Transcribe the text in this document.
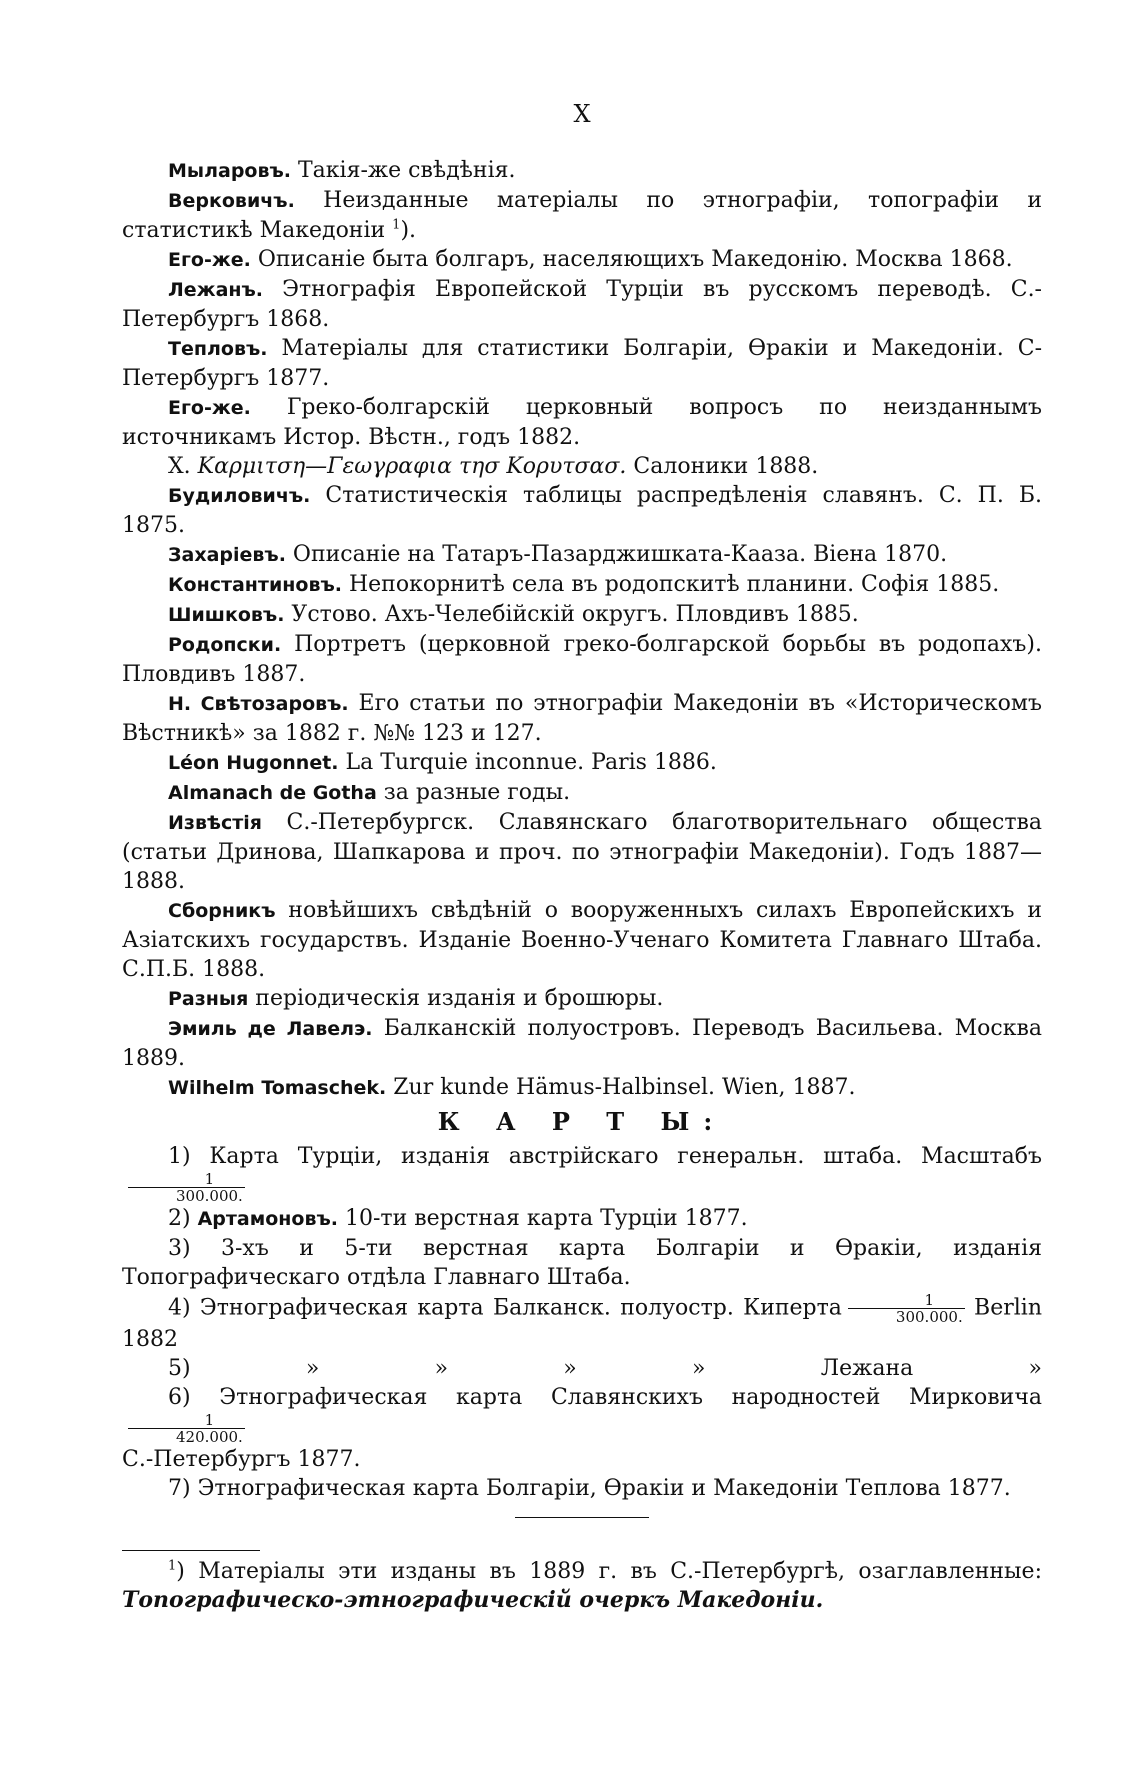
X

Мыларовъ. Такія-же свѣдѣнія.

Верковичъ. Неизданные матеріалы по этнографіи, топографіи и статистикѣ Македоніи $^1$).

Его-же. Описаніе быта болгаръ, населяющихъ Македонію. Москва 1868.

Лежанъ. Этнографія Европейской Турціи въ русскомъ переводѣ. С.-Петербургъ 1868.

Тепловъ. Матеріалы для статистики Болгаріи, Ѳракіи и Македоніи. С-Петербургъ 1877.

Его-же. Греко-болгарскій церковный вопросъ по неизданнымъ источникамъ Истор. Вѣстн., годъ 1882.

Х. Καρμιτση—Γεωγραφια τησ Κορυτσασ. Салоники 1888.

Будиловичъ. Статистическія таблицы распредѣленія славянъ. С. П. Б. 1875.

Захаріевъ. Описаніе на Татаръ-Пазарджишката-Кааза. Віена 1870.

Константиновъ. Непокорнитѣ села въ родопскитѣ планини. Софія 1885.

Шишковъ. Устово. Ахъ-Челебійскій округъ. Пловдивъ 1885.

Родопски. Портретъ (церковной греко-болгарской борьбы въ родопахъ). Пловдивъ 1887.

Н. Свѣтозаровъ. Его статьи по этнографіи Македоніи въ «Историческомъ Вѣстникѣ» за 1882 г. №№ 123 и 127.

Léon Hugonnet. La Turquie inconnue. Paris 1886.

Almanach de Gotha за разные годы.

Извѣстія С.-Петербургск. Славянскаго благотворительнаго общества (статьи Дринова, Шапкарова и проч. по этнографіи Македоніи). Годъ 1887—1888.

Сборникъ новѣйшихъ свѣдѣній о вооруженныхъ силахъ Европейскихъ и Азіатскихъ государствъ. Изданіе Военно-Ученаго Комитета Главнаго Штаба. С.П.Б. 1888.

Разныя періодическія изданія и брошюры.

Эмиль де Лавелэ. Балканскій полуостровъ. Переводъ Васильева. Москва 1889.

Wilhelm Tomaschek. Zur kunde Hämus-Halbinsel. Wien, 1887.

К А Р Т Ы:

1) Карта Турціи, изданія австрійскаго генеральн. штаба. Масштабъ
$\frac{1}{300.000.}$

2) Артамоновъ. 10-ти верстная карта Турціи 1877.

3) 3-хъ и 5-ти верстная карта Болгаріи и Ѳракіи, изданія Топографическаго отдѣла Главнаго Штаба.

4) Этнографическая карта Балканск. полуостр. Киперта $\frac{1}{300.000.}$ Berlin 1882

5)	»	»	»	»	Лежана	»

6) Этнографическая карта Славянскихъ народностей Мирковича
$\frac{1}{420.000.}$

С.-Петербургъ 1877.

7) Этнографическая карта Болгаріи, Ѳракіи и Македоніи Теплова 1877.

$^1$) Матеріалы эти изданы въ 1889 г. въ С.-Петербургѣ, озаглавленные: Топографическо-этнографическій очеркъ Македоніи.
